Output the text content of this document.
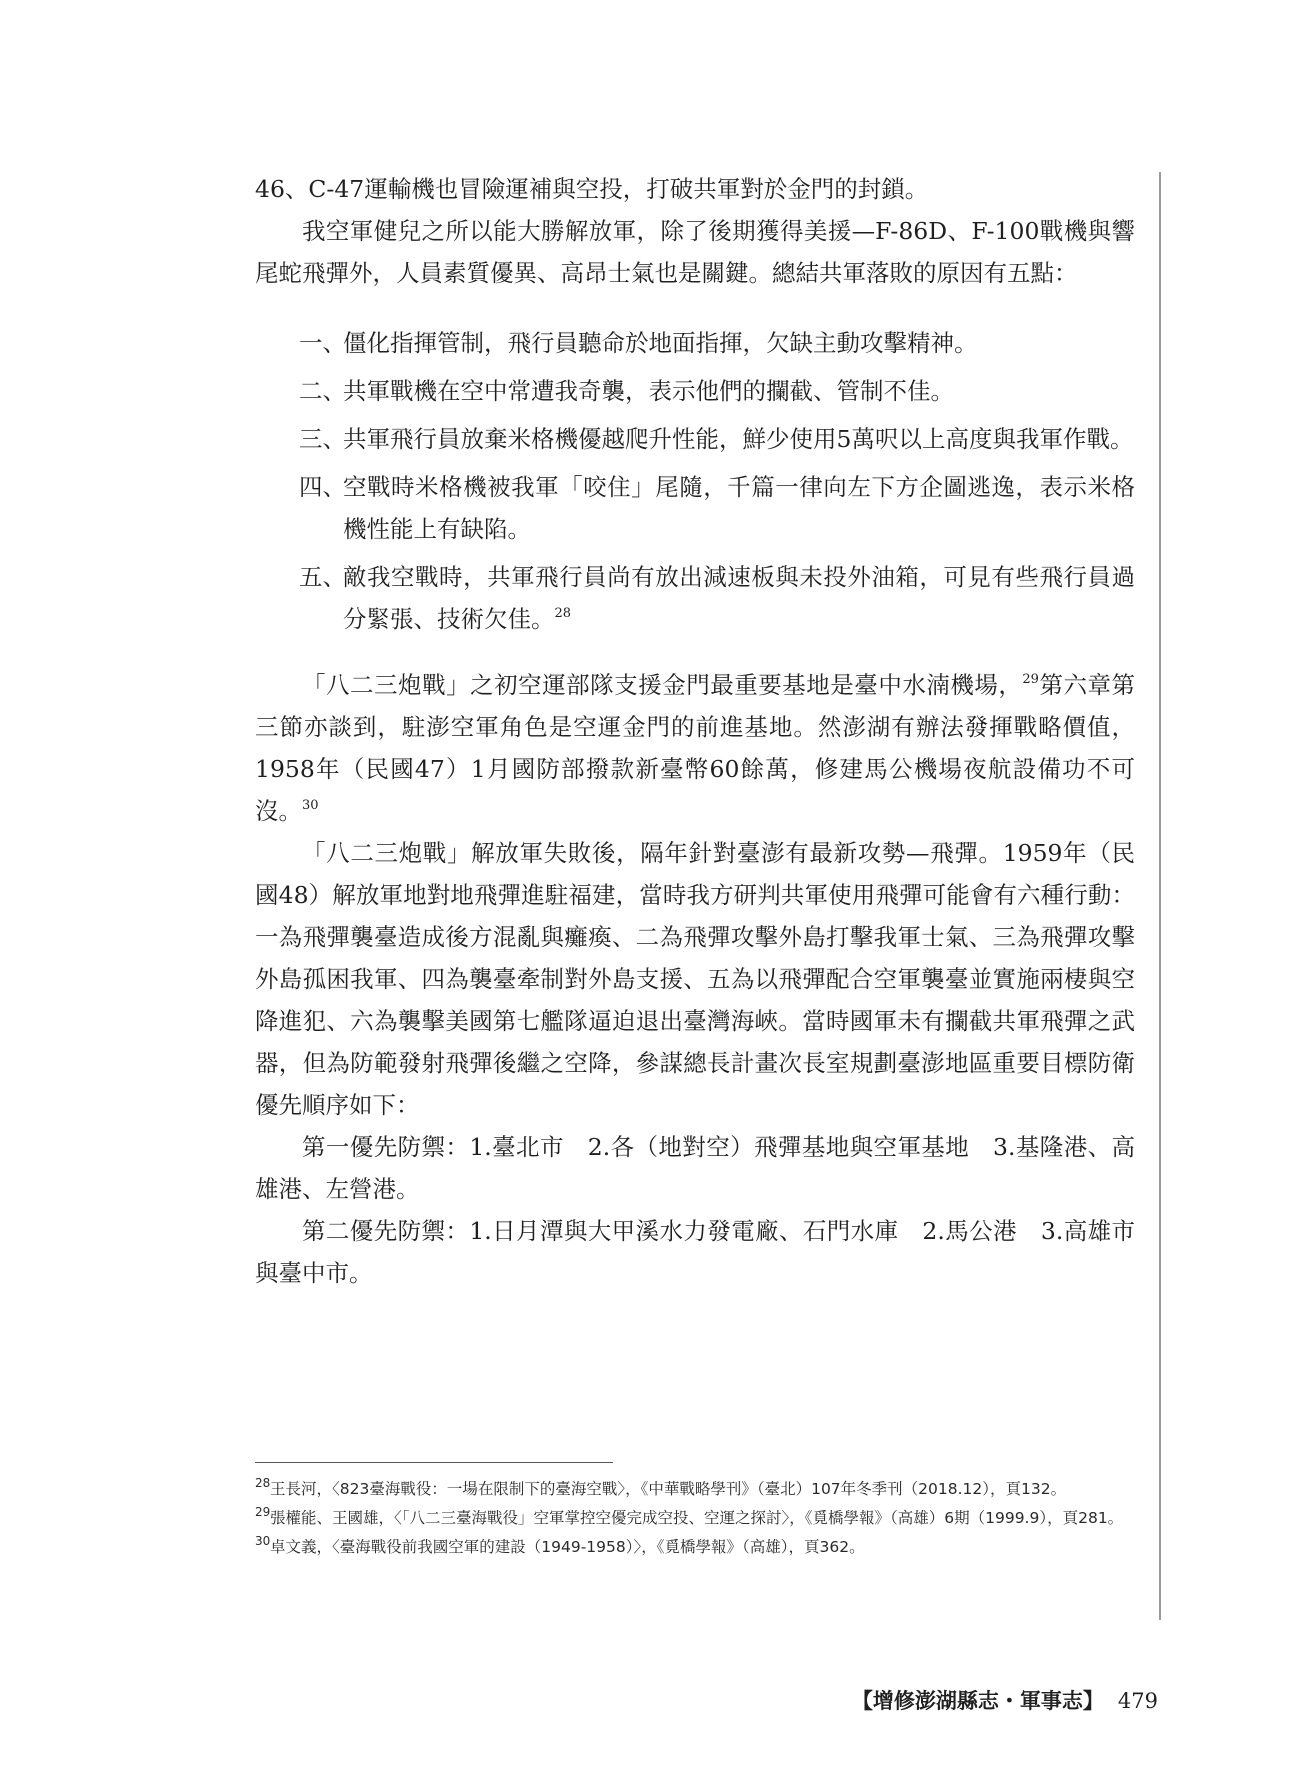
46、C-47運輸機也冒險運補與空投，打破共軍對於金門的封鎖。

我空軍健兒之所以能大勝解放軍，除了後期獲得美援—F-86D、F-100戰機與響尾蛇飛彈外，人員素質優異、高昂士氣也是關鍵。總結共軍落敗的原因有五點：

一、
僵化指揮管制，飛行員聽命於地面指揮，欠缺主動攻擊精神。
二、
共軍戰機在空中常遭我奇襲，表示他們的攔截、管制不佳。
三、
共軍飛行員放棄米格機優越爬升性能，鮮少使用5萬呎以上高度與我軍作戰。
四、
空戰時米格機被我軍「咬住」尾隨，千篇一律向左下方企圖逃逸，表示米格機性能上有缺陷。
五、
敵我空戰時，共軍飛行員尚有放出減速板與未投外油箱，可見有些飛行員過分緊張、技術欠佳。$^{28}$

「八二三炮戰」之初空運部隊支援金門最重要基地是臺中水湳機場，$^{29}$第六章第三節亦談到，駐澎空軍角色是空運金門的前進基地。然澎湖有辦法發揮戰略價值，1958年（民國47）1月國防部撥款新臺幣60餘萬，修建馬公機場夜航設備功不可沒。$^{30}$

「八二三炮戰」解放軍失敗後，隔年針對臺澎有最新攻勢—飛彈。1959年（民國48）解放軍地對地飛彈進駐福建，當時我方研判共軍使用飛彈可能會有六種行動：一為飛彈襲臺造成後方混亂與癱瘓、二為飛彈攻擊外島打擊我軍士氣、三為飛彈攻擊外島孤困我軍、四為襲臺牽制對外島支援、五為以飛彈配合空軍襲臺並實施兩棲與空降進犯、六為襲擊美國第七艦隊逼迫退出臺灣海峽。當時國軍未有攔截共軍飛彈之武器，但為防範發射飛彈後繼之空降，參謀總長計畫次長室規劃臺澎地區重要目標防衛優先順序如下：

第一優先防禦：1.臺北市　2.各（地對空）飛彈基地與空軍基地　3.基隆港、高雄港、左營港。

第二優先防禦：1.日月潭與大甲溪水力發電廠、石門水庫　2.馬公港　3.高雄市與臺中市。

28 王長河，〈823臺海戰役：一場在限制下的臺海空戰〉，《中華戰略學刊》（臺北）107年冬季刊（2018.12），頁132。
29 張權能、王國雄，〈「八二三臺海戰役」空軍掌控空優完成空投、空運之探討〉，《覓橋學報》（高雄）6期（1999.9），頁281。
30 卓文義，〈臺海戰役前我國空軍的建設（1949-1958）〉，《覓橋學報》（高雄），頁362。
【增修澎湖縣志・軍事志】 479
